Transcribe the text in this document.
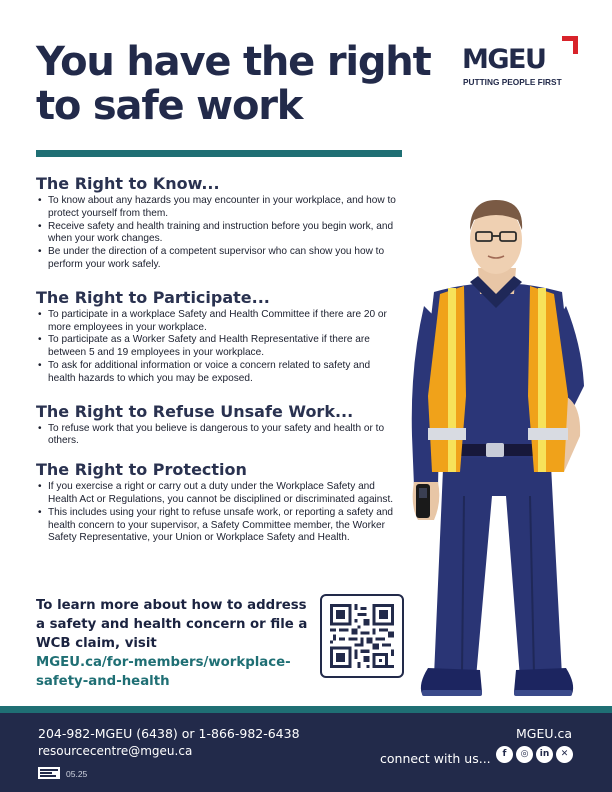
You have the right
to safe work
MGEU
PUTTING PEOPLE FIRST
The Right to Know...
• To know about any hazards you may encounter in your workplace, and how to protect yourself from them.
• Receive safety and health training and instruction before you begin work, and when your work changes.
• Be under the direction of a competent supervisor who can show you how to perform your work safely.
The Right to Participate...
• To participate in a workplace Safety and Health Committee if there are 20 or more employees in your workplace.
• To participate as a Worker Safety and Health Representative if there are between 5 and 19 employees in your workplace.
• To ask for additional information or voice a concern related to safety and health hazards to which you may be exposed.
The Right to Refuse Unsafe Work...
• To refuse work that you believe is dangerous to your safety and health or to others.
The Right to Protection
• If you exercise a right or carry out a duty under the Workplace Safety and Health Act or Regulations, you cannot be disciplined or discriminated against.
• This includes using your right to refuse unsafe work, or reporting a safety and health concern to your supervisor, a Safety Committee member, the Worker Safety Representative, your Union or Workplace Safety and Health.
To learn more about how to address a safety and health concern or file a WCB claim, visit
MGEU.ca/for-members/workplace-safety-and-health
204-982-MGEU (6438) or 1-866-982-6438
resourcecentre@mgeu.ca
MGEU.ca
connect with us...	f	◎	in	✕
05.25
